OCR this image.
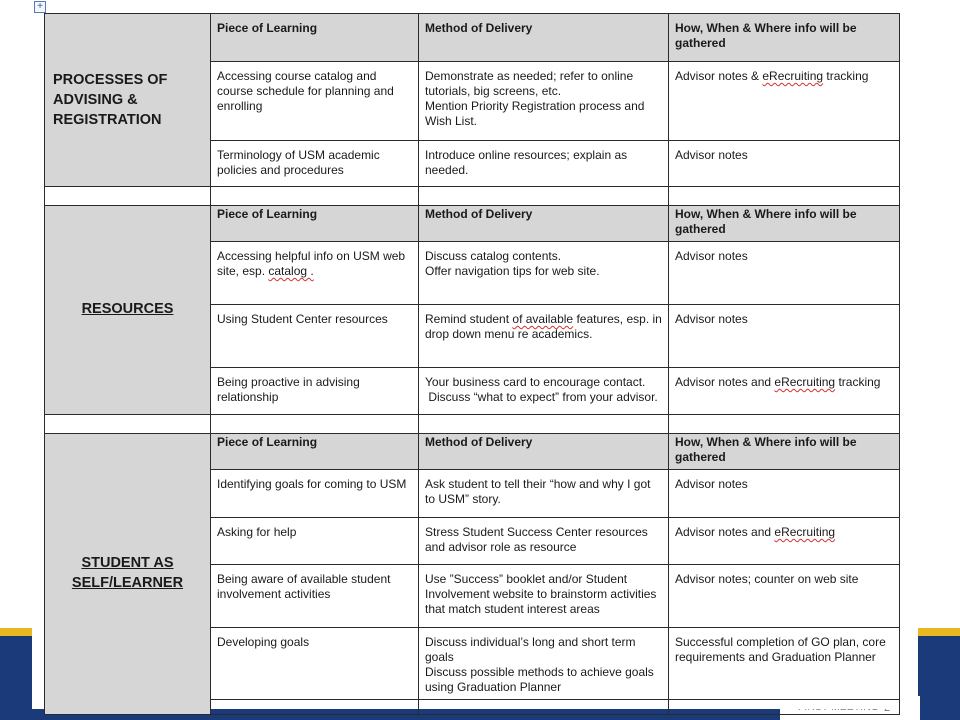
+
PROCESSES OF
ADVISING &
REGISTRATION	Piece of Learning	Method of Delivery	How, When & Where info will be gathered
	Accessing course catalog and course schedule for planning and enrolling	Demonstrate as needed; refer to online tutorials, big screens, etc.
Mention Priority Registration process and Wish List.	Advisor notes & eRecruiting tracking
	Terminology of USM academic policies and procedures	Introduce online resources; explain as needed.	Advisor notes

RESOURCES	Piece of Learning	Method of Delivery	How, When & Where info will be gathered
	Accessing helpful info on USM web site, esp. catalog .	Discuss catalog contents.
Offer navigation tips for web site.	Advisor notes
	Using Student Center resources	Remind student of available features, esp. in drop down menu re academics.	Advisor notes
	Being proactive in advising relationship	Your business card to encourage contact.
Discuss “what to expect” from your advisor.	Advisor notes and eRecruiting tracking

STUDENT AS
SELF/LEARNER	Piece of Learning	Method of Delivery	How, When & Where info will be gathered
	Identifying goals for coming to USM	Ask student to tell their “how and why I got to USM” story.	Advisor notes
	Asking for help	Stress Student Success Center resources and advisor role as resource	Advisor notes and eRecruiting
	Being aware of available student involvement activities	Use ”Success” booklet and/or Student Involvement website to brainstorm activities that match student interest areas	Advisor notes; counter on web site
	Developing goals	Discuss individual’s long and short term goals
Discuss possible methods to achieve goals using Graduation Planner	Successful completion of GO plan, core requirements and Graduation Planner
